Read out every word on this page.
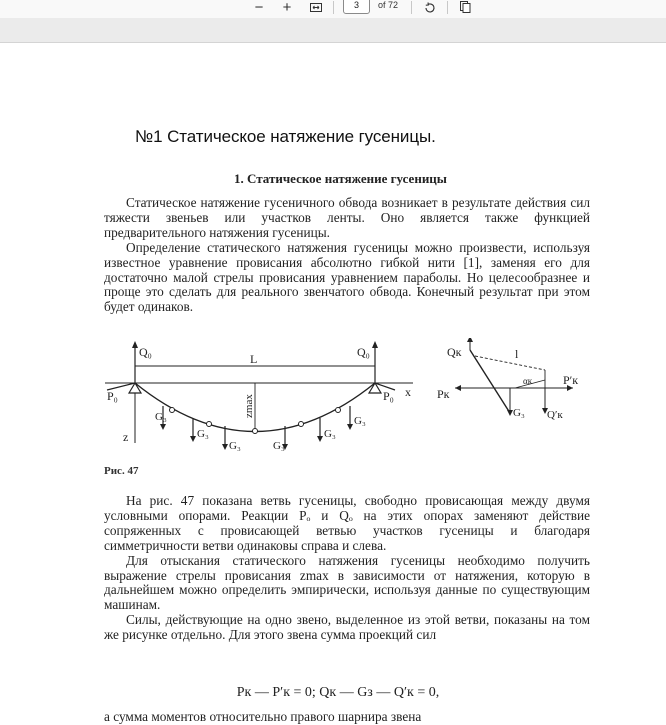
− +	3	of 72
№1 Статическое натяжение гусеницы.
1. Статическое натяжение гусеницы

Статическое натяжение гусеничного обвода возникает в результате действия сил тяжести звеньев или участков ленты. Оно является также функцией предварительного натяжения гусеницы.

Определение статического натяжения гусеницы можно произвести, используя известное уравнение провисания абсолютно гибкой нити [1], заменяя его для достаточно малой стрелы провисания уравнением параболы. Но целесообразнее и проще это сделать для реального звенчатого обвода. Конечный результат при этом будет одинаков.

Q₀	Q₀
P₀	P₀
L
zmax
x
z
G₃
G₃
G₃	G₃
G₃
G₃
Qк	l
Pк
P′к
αк
G₃ Q′к
Рис. 47

На рис. 47 показана ветвь гусеницы, свободно провисающая между двумя условными опорами. Реакции Pₒ и Qₒ на этих опорах заменяют действие сопряженных с провисающей ветвью участков гусеницы и благодаря симметричности ветви одинаковы справа и слева.

Для отыскания статического натяжения гусеницы необходимо получить выражение стрелы провисания zmax в зависимости от натяжения, которую в дальнейшем можно определить эмпирически, используя данные по существующим машинам.

Силы, действующие на одно звено, выделенное из этой ветви, показаны на том же рисунке отдельно. Для этого звена сумма проекций сил

Pк — P′к = 0; Qк — Gз — Q′к = 0,

а сумма моментов относительно правого шарнира звена
